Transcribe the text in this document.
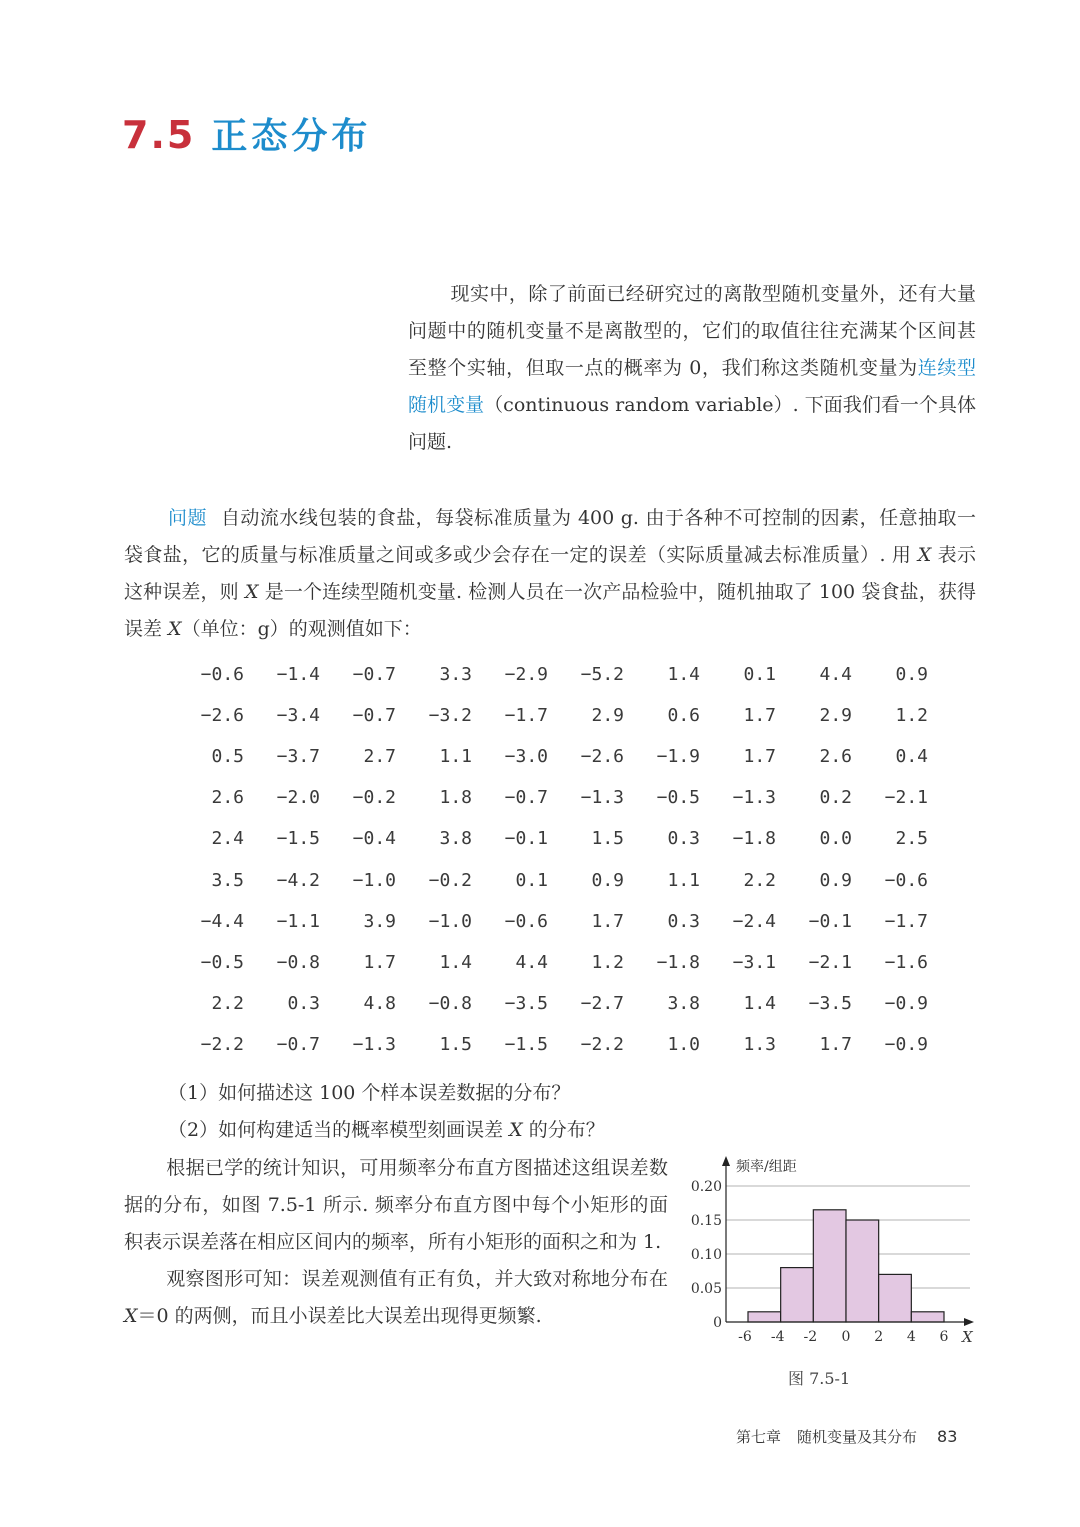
7.5 正态分布

现实中，除了前面已经研究过的离散型随机变量外，还有大量问题中的随机变量不是离散型的，它们的取值往往充满某个区间甚至整个实轴，但取一点的概率为 0，我们称这类随机变量为连续型随机变量（continuous random variable）. 下面我们看一个具体问题.

问题 自动流水线包装的食盐，每袋标准质量为 400 g. 由于各种不可控制的因素，任意抽取一袋食盐，它的质量与标准质量之间或多或少会存在一定的误差（实际质量减去标准质量）. 用 X 表示这种误差，则 X 是一个连续型随机变量. 检测人员在一次产品检验中，随机抽取了 100 袋食盐，获得误差 X（单位：g）的观测值如下：

−0.6	−1.4	−0.7	3.3	−2.9	−5.2	1.4	0.1	4.4	0.9
−2.6	−3.4	−0.7	−3.2	−1.7	2.9	0.6	1.7	2.9	1.2
0.5	−3.7	2.7	1.1	−3.0	−2.6	−1.9	1.7	2.6	0.4
2.6	−2.0	−0.2	1.8	−0.7	−1.3	−0.5	−1.3	0.2	−2.1
2.4	−1.5	−0.4	3.8	−0.1	1.5	0.3	−1.8	0.0	2.5
3.5	−4.2	−1.0	−0.2	0.1	0.9	1.1	2.2	0.9	−0.6
−4.4	−1.1	3.9	−1.0	−0.6	1.7	0.3	−2.4	−0.1	−1.7
−0.5	−0.8	1.7	1.4	4.4	1.2	−1.8	−3.1	−2.1	−1.6
2.2	0.3	4.8	−0.8	−3.5	−2.7	3.8	1.4	−3.5	−0.9
−2.2	−0.7	−1.3	1.5	−1.5	−2.2	1.0	1.3	1.7	−0.9

（1）如何描述这 100 个样本误差数据的分布？

（2）如何构建适当的概率模型刻画误差 X 的分布？

根据已学的统计知识，可用频率分布直方图描述这组误差数据的分布，如图 7.5-1 所示. 频率分布直方图中每个小矩形的面积表示误差落在相应区间内的频率，所有小矩形的面积之和为 1.
观察图形可知：误差观测值有正有负，并大致对称地分布在 X＝0 的两侧，而且小误差比大误差出现得更频繁.	0
0.05
0.10
0.15
0.20
-6 -4 -2 0 2 4 6
频率/组距
X
图 7.5-1
第七章 随机变量及其分布 83
